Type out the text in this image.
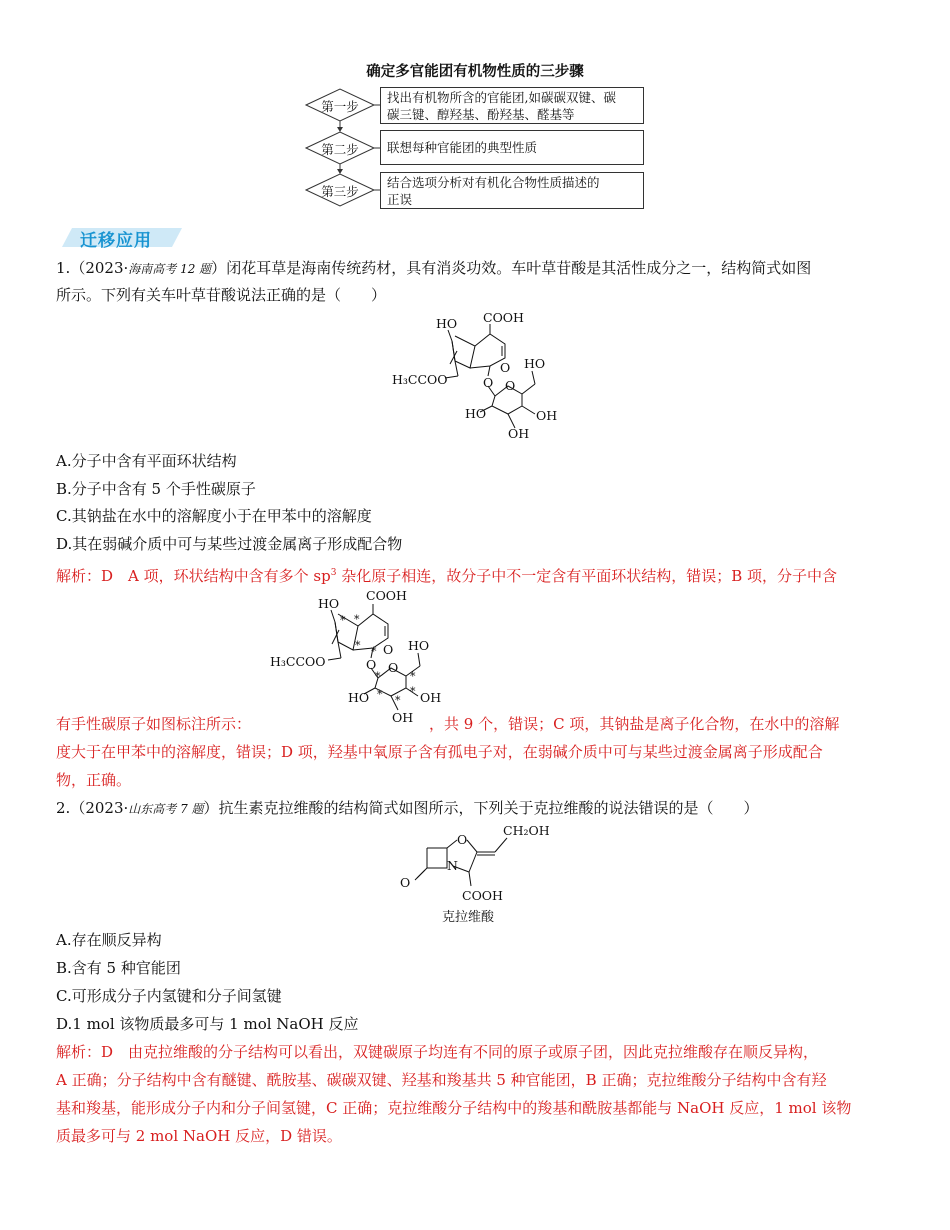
确定多官能团有机物性质的三步骤
第一步
第二步
第三步
找出有机物所含的官能团,如碳碳双键、碳
碳三键、醇羟基、酚羟基、醛基等
联想每种官能团的典型性质
结合选项分析对有机化合物性质描述的
正误
迁移应用
1.（2023·海南高考 12 题）闭花耳草是海南传统药材，具有消炎功效。车叶草苷酸是其活性成分之一，结构简式如图
所示。下列有关车叶草苷酸说法正确的是（　　）
HO COOH
O HO
H₃CCOO	O O
HO	OH
OH
A.分子中含有平面环状结构
B.分子中含有 5 个手性碳原子
C.其钠盐在水中的溶解度小于在甲苯中的溶解度
D.其在弱碱介质中可与某些过渡金属离子形成配合物
解析：D　A 项，环状结构中含有多个 $sp^3$ 杂化原子相连，故分子中不一定含有平面环状结构，错误；B 项，分子中含
HO
COOH
O HO
H₃CCOO	O O
HO	OH
OH
* *
* *
*	*
*	*
*
有手性碳原子如图标注所示：	，共 9 个，错误；C 项，其钠盐是离子化合物，在水中的溶解
度大于在甲苯中的溶解度，错误；D 项，羟基中氧原子含有孤电子对，在弱碱介质中可与某些过渡金属离子形成配合
物，正确。
2.（2023·山东高考 7 题）抗生素克拉维酸的结构简式如图所示，下列关于克拉维酸的说法错误的是（　　）
CH₂OH
O
N
O
COOH
克拉维酸
A.存在顺反异构
B.含有 5 种官能团
C.可形成分子内氢键和分子间氢键
D.1 mol 该物质最多可与 1 mol NaOH 反应
解析：D　由克拉维酸的分子结构可以看出，双键碳原子均连有不同的原子或原子团，因此克拉维酸存在顺反异构，
A 正确；分子结构中含有醚键、酰胺基、碳碳双键、羟基和羧基共 5 种官能团，B 正确；克拉维酸分子结构中含有羟
基和羧基，能形成分子内和分子间氢键，C 正确；克拉维酸分子结构中的羧基和酰胺基都能与 NaOH 反应，1 mol 该物
质最多可与 2 mol NaOH 反应，D 错误。
